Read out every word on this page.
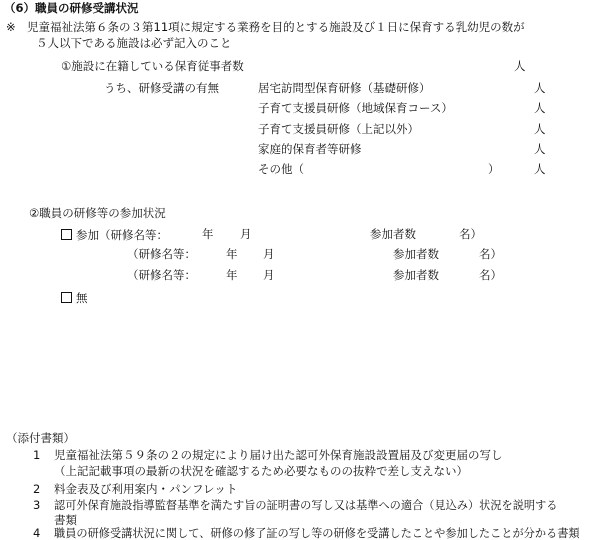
（6）職員の研修受講状況
※ 児童福祉法第６条の３第11項に規定する業務を目的とする施設及び１日に保育する乳幼児の数が
５人以下である施設は必ず記入のこと
①施設に在籍している保育従事者数	人
うち、研修受講の有無	居宅訪問型保育研修（基礎研修）	人
子育て支援員研修（地域保育コース）	人
子育て支援員研修（上記以外）	人
家庭的保育者等研修	人
その他（	）	人
②職員の研修等の参加状況
参加（研修名等：	年 月	参加者数	名）
（研修名等：	年 月	参加者数	名）
（研修名等：	年 月	参加者数	名）
無
（添付書類）
1 児童福祉法第５９条の２の規定により届け出た認可外保育施設設置届及び変更届の写し
（上記記載事項の最新の状況を確認するため必要なものの抜粋で差し支えない）
2 料金表及び利用案内・パンフレット
3 認可外保育施設指導監督基準を満たす旨の証明書の写し又は基準への適合（見込み）状況を説明する
書類
4 職員の研修受講状況に関して、研修の修了証の写し等の研修を受講したことや参加したことが分かる書類
